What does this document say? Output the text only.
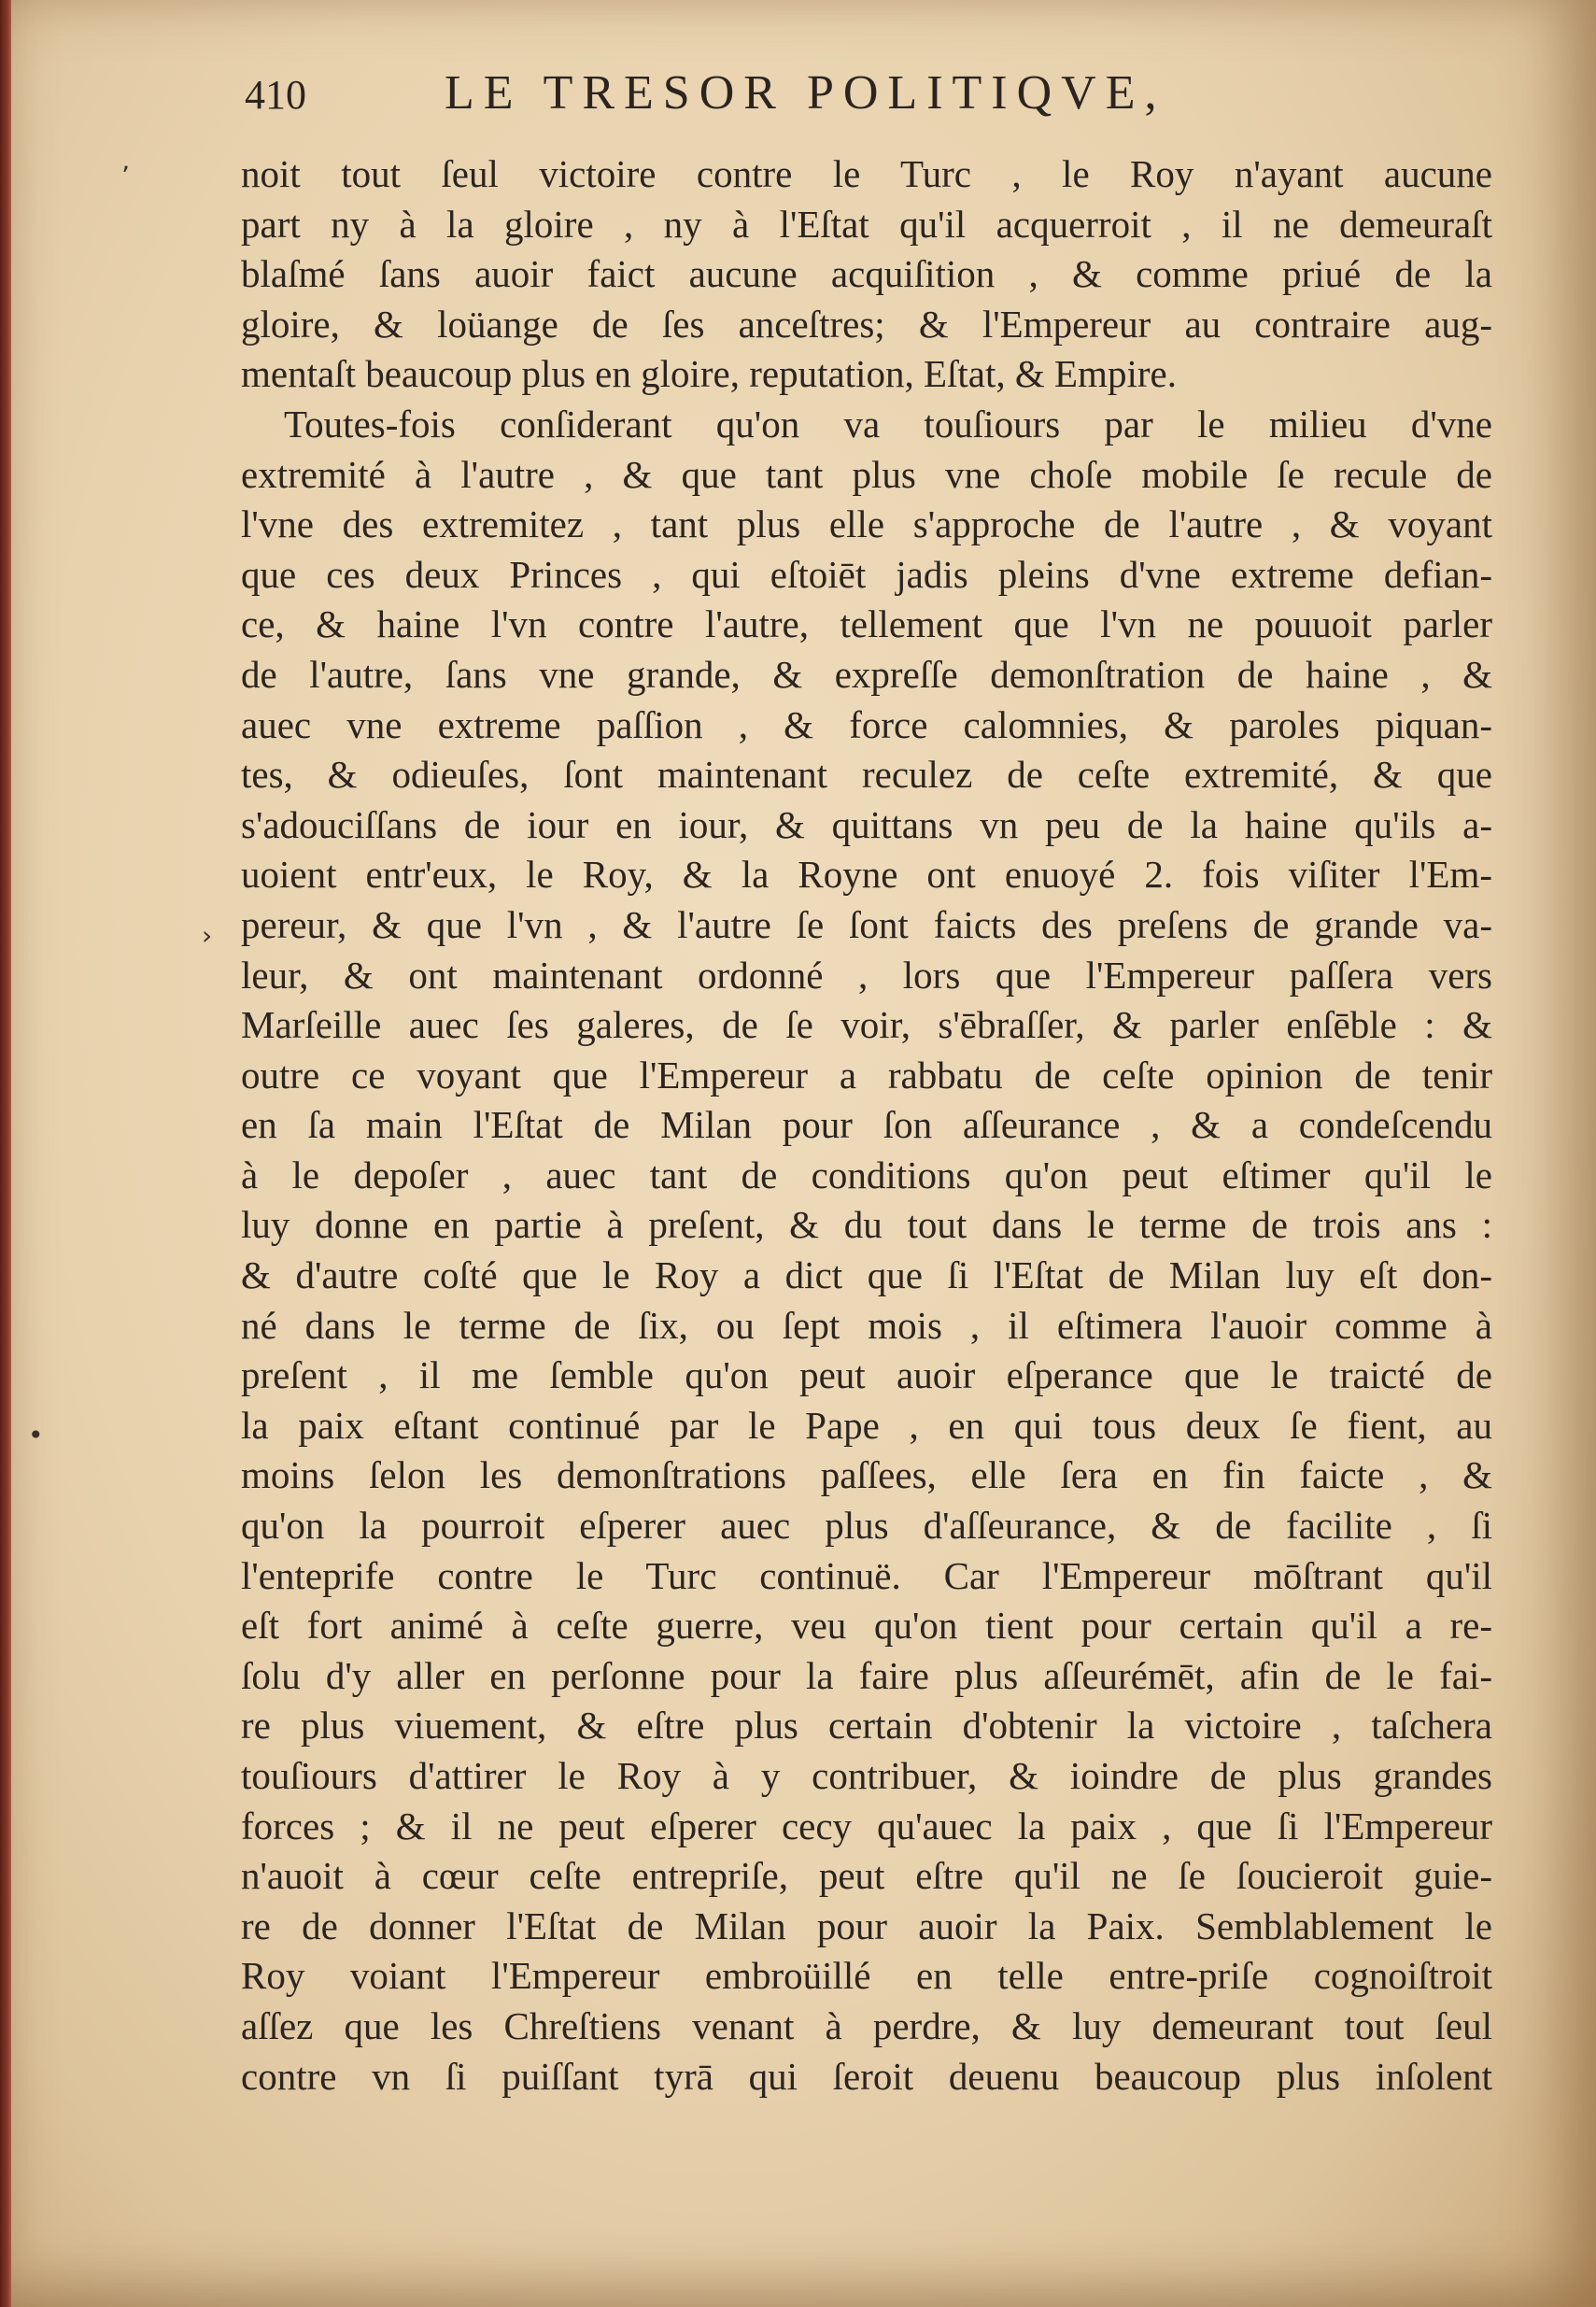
410	LE TRESOR POLITIQVE,
ʼ
›
•
noit tout ſeul victoire contre le Turc , le Roy n'ayant aucune
part ny à la gloire , ny à l'Eſtat qu'il acquerroit , il ne demeuraſt
blaſmé ſans auoir faict aucune acquiſition , & comme priué de la
gloire, & loüange de ſes anceſtres; & l'Empereur au contraire aug-
mentaſt beaucoup plus en gloire, reputation, Eſtat, & Empire.
Toutes-fois conſiderant qu'on va touſiours par le milieu d'vne
extremité à l'autre , & que tant plus vne choſe mobile ſe recule de
l'vne des extremitez , tant plus elle s'approche de l'autre , & voyant
que ces deux Princes , qui eſtoiēt jadis pleins d'vne extreme defian-
ce, & haine l'vn contre l'autre, tellement que l'vn ne pouuoit parler
de l'autre, ſans vne grande, & expreſſe demonſtration de haine , &
auec vne extreme paſſion , & force calomnies, & paroles piquan-
tes, & odieuſes, ſont maintenant reculez de ceſte extremité, & que
s'adouciſſans de iour en iour, & quittans vn peu de la haine qu'ils a-
uoient entr'eux, le Roy, & la Royne ont enuoyé 2. fois viſiter l'Em-
pereur, & que l'vn , & l'autre ſe ſont faicts des preſens de grande va-
leur, & ont maintenant ordonné , lors que l'Empereur paſſera vers
Marſeille auec ſes galeres, de ſe voir, s'ēbraſſer, & parler enſēble : &
outre ce voyant que l'Empereur a rabbatu de ceſte opinion de tenir
en ſa main l'Eſtat de Milan pour ſon aſſeurance , & a condeſcendu
à le depoſer , auec tant de conditions qu'on peut eſtimer qu'il le
luy donne en partie à preſent, & du tout dans le terme de trois ans :
& d'autre coſté que le Roy a dict que ſi l'Eſtat de Milan luy eſt don-
né dans le terme de ſix, ou ſept mois , il eſtimera l'auoir comme à
preſent , il me ſemble qu'on peut auoir eſperance que le traicté de
la paix eſtant continué par le Pape , en qui tous deux ſe fient, au
moins ſelon les demonſtrations paſſees, elle ſera en fin faicte , &
qu'on la pourroit eſperer auec plus d'aſſeurance, & de facilite , ſi
l'enteprife contre le Turc continuë. Car l'Empereur mōſtrant qu'il
eſt fort animé à ceſte guerre, veu qu'on tient pour certain qu'il a re-
ſolu d'y aller en perſonne pour la faire plus aſſeurémēt, afin de le fai-
re plus viuement, & eſtre plus certain d'obtenir la victoire , taſchera
touſiours d'attirer le Roy à y contribuer, & ioindre de plus grandes
forces ; & il ne peut eſperer cecy qu'auec la paix , que ſi l'Empereur
n'auoit à cœur ceſte entrepriſe, peut eſtre qu'il ne ſe ſoucieroit guie-
re de donner l'Eſtat de Milan pour auoir la Paix. Semblablement le
Roy voiant l'Empereur embroüillé en telle entre-priſe cognoiſtroit
aſſez que les Chreſtiens venant à perdre, & luy demeurant tout ſeul
contre vn ſi puiſſant tyrā qui ſeroit deuenu beaucoup plus inſolent
